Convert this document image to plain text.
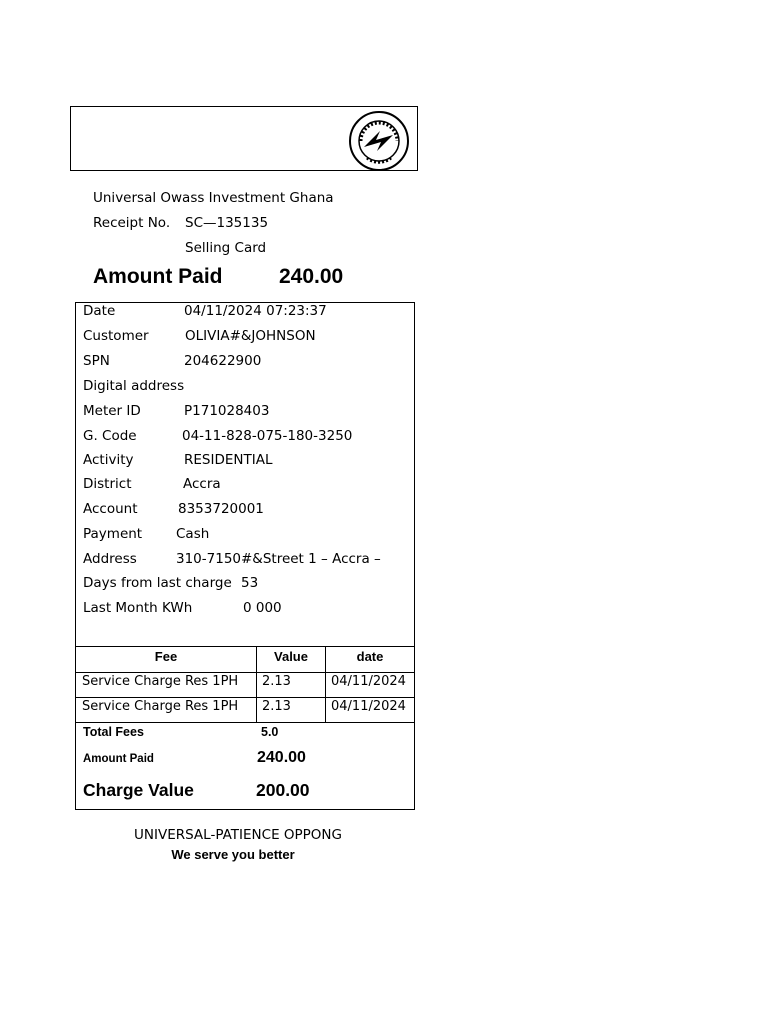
Universal Owass Investment Ghana
Receipt No. SC—135135
Selling Card
Amount Paid	240.00
Date	04/11/2024 07:23:37
Customer	OLIVIA#&JOHNSON
SPN	204622900
Digital address
Meter ID	P171028403
G. Code	04-11-828-075-180-3250
Activity	RESIDENTIAL
District	Accra
Account	8353720001
Payment	Cash
Address	310-7150#&Street 1 – Accra –
Days from last charge 53
Last Month KWh	0 000
Fee	Value	date
Service Charge Res 1PH 2.13	04/11/2024
Service Charge Res 1PH 2.13	04/11/2024
Total Fees	5.0
Amount Paid	240.00
Charge Value	200.00
UNIVERSAL-PATIENCE OPPONG
We serve you better
